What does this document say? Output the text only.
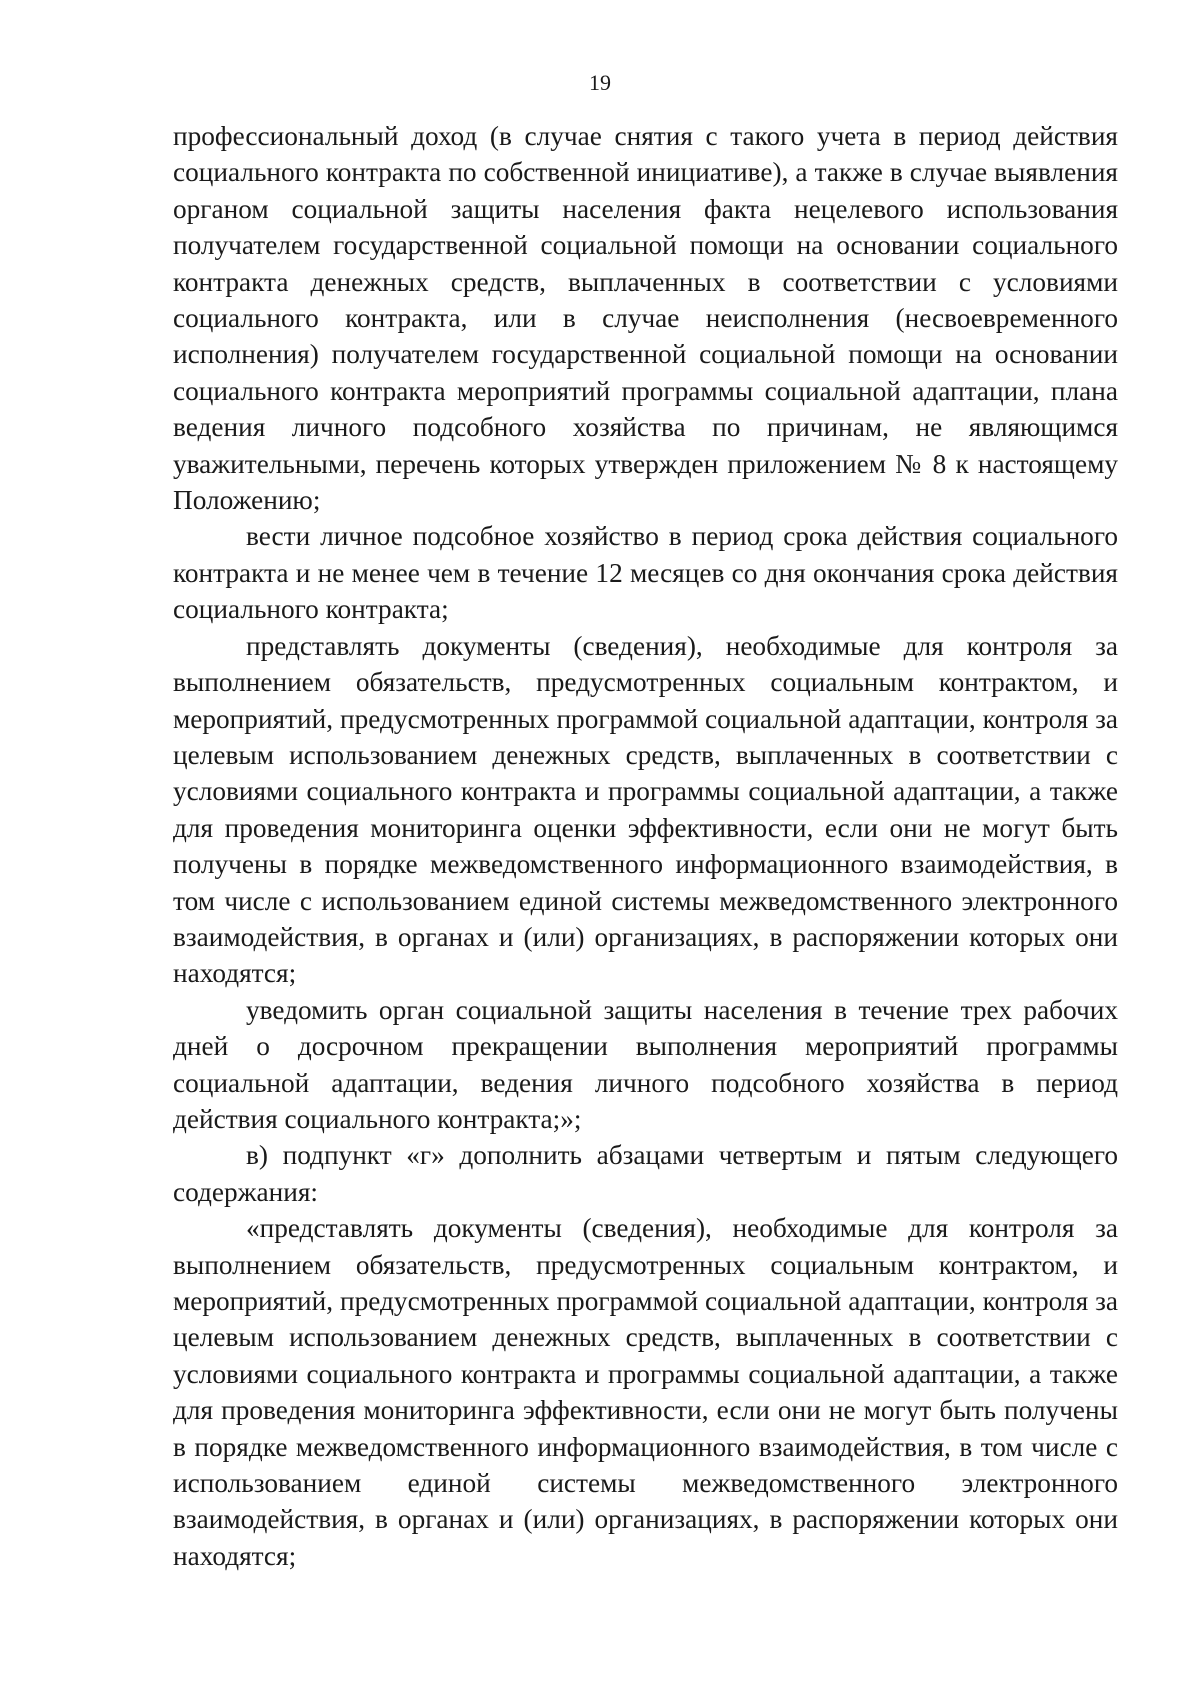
19

профессиональный доход (в случае снятия с такого учета в период действия социального контракта по собственной инициативе), а также в случае выявления органом социальной защиты населения факта нецелевого использования получателем государственной социальной помощи на основании социального контракта денежных средств, выплаченных в соответствии с условиями социального контракта, или в случае неисполнения (несвоевременного исполнения) получателем государственной социальной помощи на основании социального контракта мероприятий программы социальной адаптации, плана ведения личного подсобного хозяйства по причинам, не являющимся уважительными, перечень которых утвержден приложением № 8 к настоящему Положению;

вести личное подсобное хозяйство в период срока действия социального контракта и не менее чем в течение 12 месяцев со дня окончания срока действия социального контракта;

представлять документы (сведения), необходимые для контроля за выполнением обязательств, предусмотренных социальным контрактом, и мероприятий, предусмотренных программой социальной адаптации, контроля за целевым использованием денежных средств, выплаченных в соответствии с условиями социального контракта и программы социальной адаптации, а также для проведения мониторинга оценки эффективности, если они не могут быть получены в порядке межведомственного информационного взаимодействия, в том числе с использованием единой системы межведомственного электронного взаимодействия, в органах и (или) организациях, в распоряжении которых они находятся;

уведомить орган социальной защиты населения в течение трех рабочих дней о досрочном прекращении выполнения мероприятий программы социальной адаптации, ведения личного подсобного хозяйства в период действия социального контракта;»;

в) подпункт «г» дополнить абзацами четвертым и пятым следующего содержания:

«представлять документы (сведения), необходимые для контроля за выполнением обязательств, предусмотренных социальным контрактом, и мероприятий, предусмотренных программой социальной адаптации, контроля за целевым использованием денежных средств, выплаченных в соответствии с условиями социального контракта и программы социальной адаптации, а также для проведения мониторинга эффективности, если они не могут быть получены в порядке межведомственного информационного взаимодействия, в том числе с использованием единой системы межведомственного электронного взаимодействия, в органах и (или) организациях, в распоряжении которых они находятся;
